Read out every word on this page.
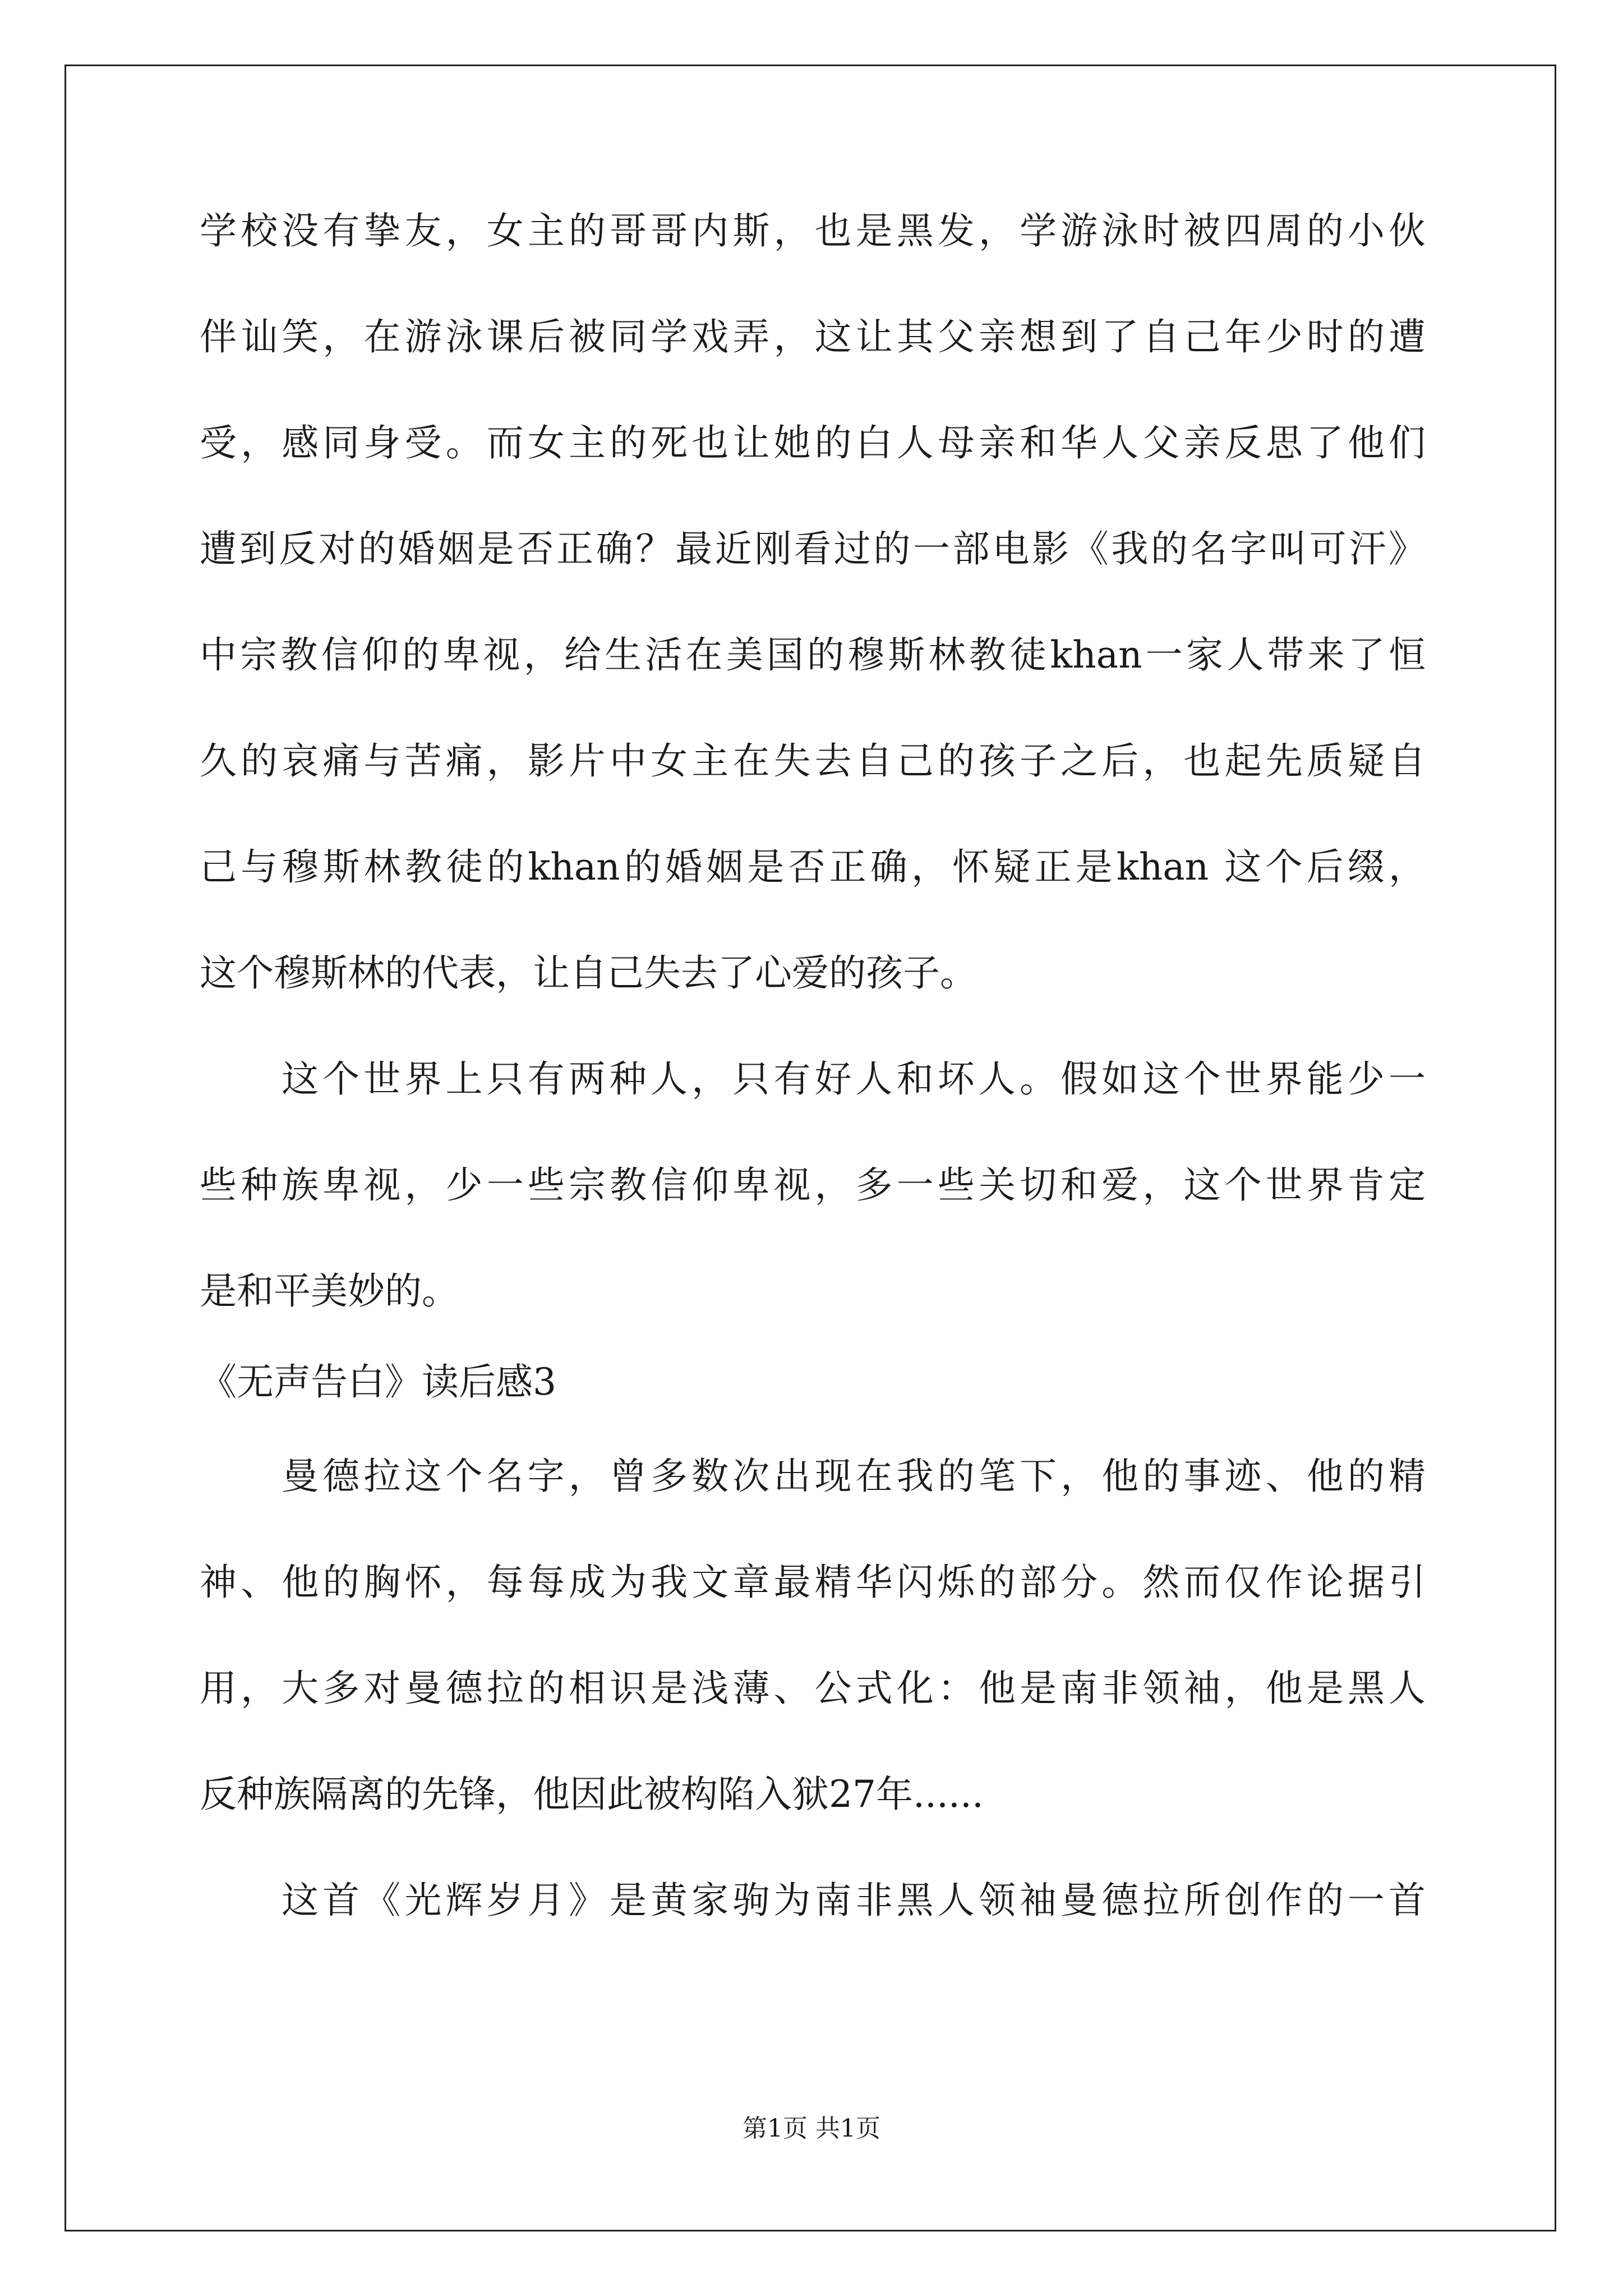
学校没有挚友，女主的哥哥内斯，也是黑发，学游泳时被四周的小伙
伴讪笑，在游泳课后被同学戏弄，这让其父亲想到了自己年少时的遭
受，感同身受。而女主的死也让她的白人母亲和华人父亲反思了他们
遭到反对的婚姻是否正确？最近刚看过的一部电影《我的名字叫可汗》
中宗教信仰的卑视，给生活在美国的穆斯林教徒khan一家人带来了恒
久的哀痛与苦痛，影片中女主在失去自己的孩子之后，也起先质疑自
己与穆斯林教徒的khan的婚姻是否正确，怀疑正是khan 这个后缀，
这个穆斯林的代表，让自己失去了心爱的孩子。
这个世界上只有两种人，只有好人和坏人。假如这个世界能少一
些种族卑视，少一些宗教信仰卑视，多一些关切和爱，这个世界肯定
是和平美妙的。
《无声告白》读后感3
曼德拉这个名字，曾多数次出现在我的笔下，他的事迹、他的精
神、他的胸怀，每每成为我文章最精华闪烁的部分。然而仅作论据引
用，大多对曼德拉的相识是浅薄、公式化：他是南非领袖，他是黑人
反种族隔离的先锋，他因此被构陷入狱27年......
这首《光辉岁月》是黄家驹为南非黑人领袖曼德拉所创作的一首
第1页 共1页
